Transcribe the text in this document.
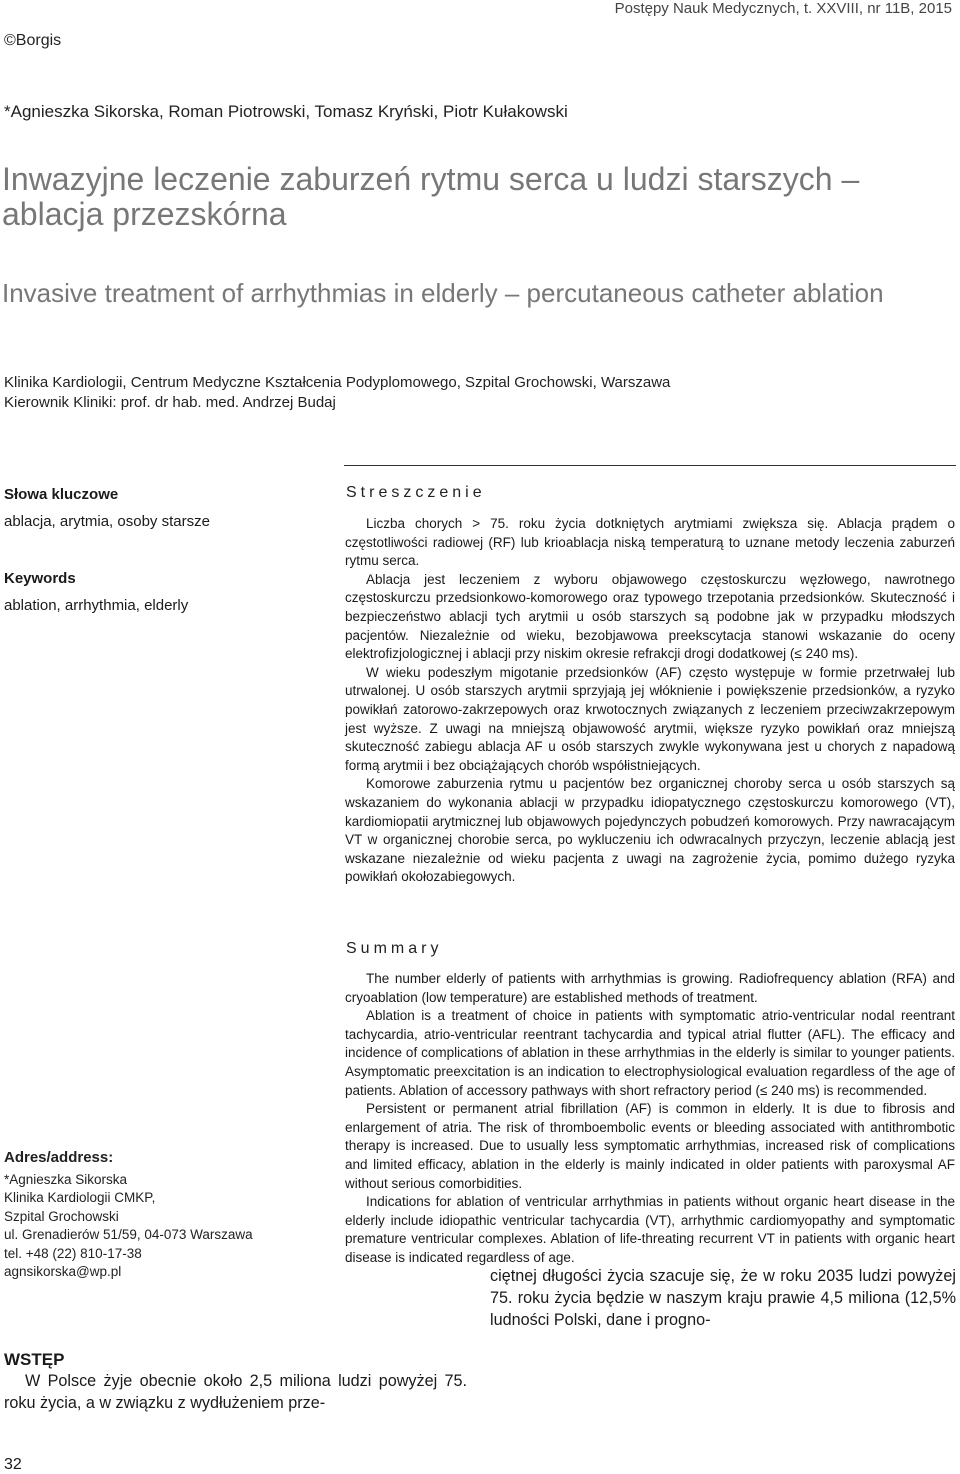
Postępy Nauk Medycznych, t. XXVIII, nr 11B, 2015
©Borgis
*Agnieszka Sikorska, Roman Piotrowski, Tomasz Kryński, Piotr Kułakowski
Inwazyjne leczenie zaburzeń rytmu serca u ludzi starszych – ablacja przezskórna
Invasive treatment of arrhythmias in elderly – percutaneous catheter ablation
Klinika Kardiologii, Centrum Medyczne Kształcenia Podyplomowego, Szpital Grochowski, Warszawa
Kierownik Kliniki: prof. dr hab. med. Andrzej Budaj

Słowa kluczowe

ablacja, arytmia, osoby starsze

Keywords

ablation, arrhythmia, elderly

Streszczenie

Liczba chorych > 75. roku życia dotkniętych arytmiami zwiększa się. Ablacja prądem o częstotliwości radiowej (RF) lub krioablacja niską temperaturą to uznane metody leczenia zaburzeń rytmu serca.

Ablacja jest leczeniem z wyboru objawowego częstoskurczu węzłowego, nawrotnego częstoskurczu przedsionkowo-komorowego oraz typowego trzepotania przedsionków. Skuteczność i bezpieczeństwo ablacji tych arytmii u osób starszych są podobne jak w przypadku młodszych pacjentów. Niezależnie od wieku, bezobjawowa preekscytacja stanowi wskazanie do oceny elektrofizjologicznej i ablacji przy niskim okresie refrakcji drogi dodatkowej (≤ 240 ms).

W wieku podeszłym migotanie przedsionków (AF) często występuje w formie przetrwałej lub utrwalonej. U osób starszych arytmii sprzyjają jej włóknienie i powiększenie przedsionków, a ryzyko powikłań zatorowo-zakrzepowych oraz krwotocznych związanych z leczeniem przeciwzakrzepowym jest wyższe. Z uwagi na mniejszą objawowość arytmii, większe ryzyko powikłań oraz mniejszą skuteczność zabiegu ablacja AF u osób starszych zwykle wykonywana jest u chorych z napadową formą arytmii i bez obciążających chorób współistniejących.

Komorowe zaburzenia rytmu u pacjentów bez organicznej choroby serca u osób starszych są wskazaniem do wykonania ablacji w przypadku idiopatycznego częstoskurczu komorowego (VT), kardiomiopatii arytmicznej lub objawowych pojedynczych pobudzeń komorowych. Przy nawracającym VT w organicznej chorobie serca, po wykluczeniu ich odwracalnych przyczyn, leczenie ablacją jest wskazane niezależnie od wieku pacjenta z uwagi na zagrożenie życia, pomimo dużego ryzyka powikłań okołozabiegowych.

Summary

The number elderly of patients with arrhythmias is growing. Radiofrequency ablation (RFA) and cryoablation (low temperature) are established methods of treatment.

Ablation is a treatment of choice in patients with symptomatic atrio-ventricular nodal reentrant tachycardia, atrio-ventricular reentrant tachycardia and typical atrial flutter (AFL). The efficacy and incidence of complications of ablation in these arrhythmias in the elderly is similar to younger patients. Asymptomatic preexcitation is an indication to electrophysiological evaluation regardless of the age of patients. Ablation of accessory pathways with short refractory period (≤ 240 ms) is recommended.

Persistent or permanent atrial fibrillation (AF) is common in elderly. It is due to fibrosis and enlargement of atria. The risk of thromboembolic events or bleeding associated with antithrombotic therapy is increased. Due to usually less symptomatic arrhythmias, increased risk of complications and limited efficacy, ablation in the elderly is mainly indicated in older patients with paroxysmal AF without serious comorbidities.

Indications for ablation of ventricular arrhythmias in patients without organic heart disease in the elderly include idiopathic ventricular tachycardia (VT), arrhythmic cardiomyopathy and symptomatic premature ventricular complexes. Ablation of life-threating recurrent VT in patients with organic heart disease is indicated regardless of age.

Adres/address:
*Agnieszka Sikorska
Klinika Kardiologii CMKP,
Szpital Grochowski
ul. Grenadierów 51/59, 04-073 Warszawa
tel. +48 (22) 810-17-38
agnsikorska@wp.pl
WSTĘP
W Polsce żyje obecnie około 2,5 miliona ludzi powyżej 75. roku życia, a w związku z wydłużeniem prze-
ciętnej długości życia szacuje się, że w roku 2035 ludzi powyżej 75. roku życia będzie w naszym kraju prawie 4,5 miliona (12,5% ludności Polski, dane i progno-
32
